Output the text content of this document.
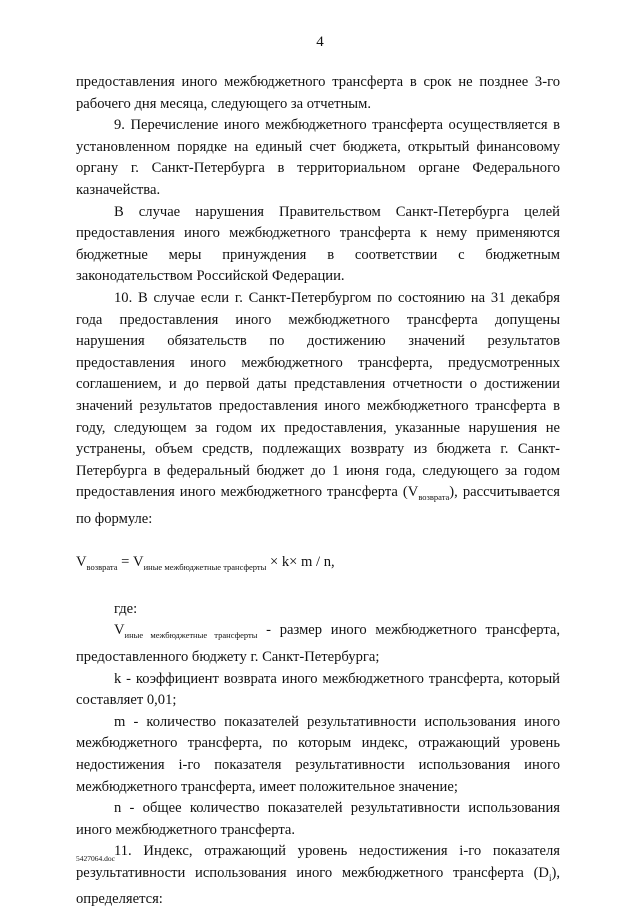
4

предоставления иного межбюджетного трансферта в срок не позднее 3-го рабочего дня месяца, следующего за отчетным.

9. Перечисление иного межбюджетного трансферта осуществляется в установленном порядке на единый счет бюджета, открытый финансовому органу г. Санкт-Петербурга в территориальном органе Федерального казначейства.

В случае нарушения Правительством Санкт-Петербурга целей предоставления иного межбюджетного трансферта к нему применяются бюджетные меры принуждения в соответствии с бюджетным законодательством Российской Федерации.

10. В случае если г. Санкт-Петербургом по состоянию на 31 декабря года предоставления иного межбюджетного трансферта допущены нарушения обязательств по достижению значений результатов предоставления иного межбюджетного трансферта, предусмотренных соглашением, и до первой даты представления отчетности о достижении значений результатов предоставления иного межбюджетного трансферта в году, следующем за годом их предоставления, указанные нарушения не устранены, объем средств, подлежащих возврату из бюджета г. Санкт-Петербурга в федеральный бюджет до 1 июня года, следующего за годом предоставления иного межбюджетного трансферта $(V_{возврата})$, рассчитывается по формуле:

$V_{возврата} = V_{иные межбюджетные трансферты} \times k\times m / n$,

где:

$V_{иные межбюджетные трансферты}$ - размер иного межбюджетного трансферта, предоставленного бюджету г. Санкт-Петербурга;

k - коэффициент возврата иного межбюджетного трансферта, который составляет 0,01;

m - количество показателей результативности использования иного межбюджетного трансферта, по которым индекс, отражающий уровень недостижения i-го показателя результативности использования иного межбюджетного трансферта, имеет положительное значение;

n - общее количество показателей результативности использования иного межбюджетного трансферта.

11. Индекс, отражающий уровень недостижения i-го показателя результативности использования иного межбюджетного трансферта $(D_i)$, определяется:

5427064.doc
